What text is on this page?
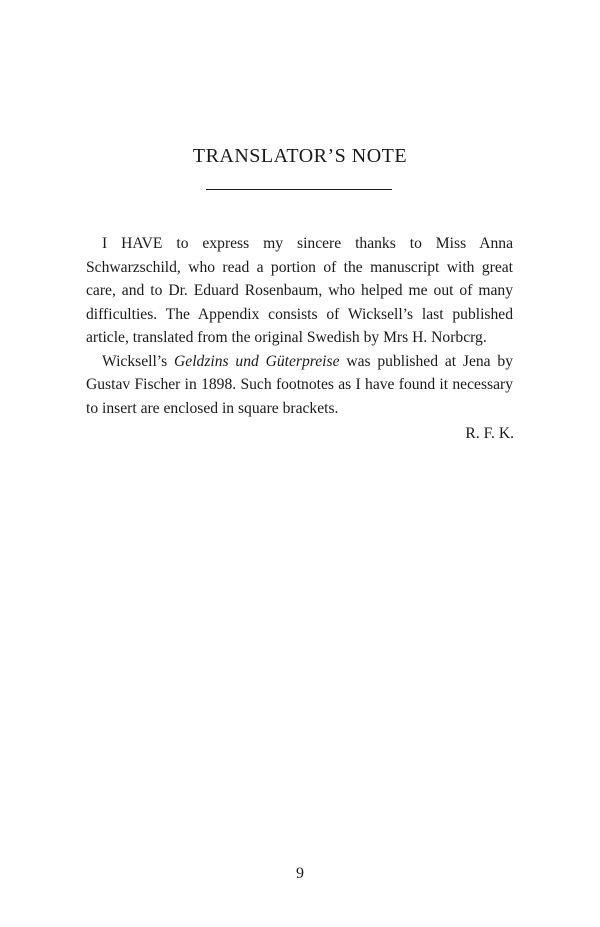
TRANSLATOR’S NOTE

I HAVE to express my sincere thanks to Miss Anna Schwarzschild, who read a portion of the manuscript with great care, and to Dr. Eduard Rosenbaum, who helped me out of many difficulties. The Appendix consists of Wicksell’s last published article, translated from the original Swedish by Mrs H. Norbcrg.

Wicksell’s Geldzins und Güterpreise was published at Jena by Gustav Fischer in 1898. Such footnotes as I have found it necessary to insert are enclosed in square brackets.

R. F. K.
9
